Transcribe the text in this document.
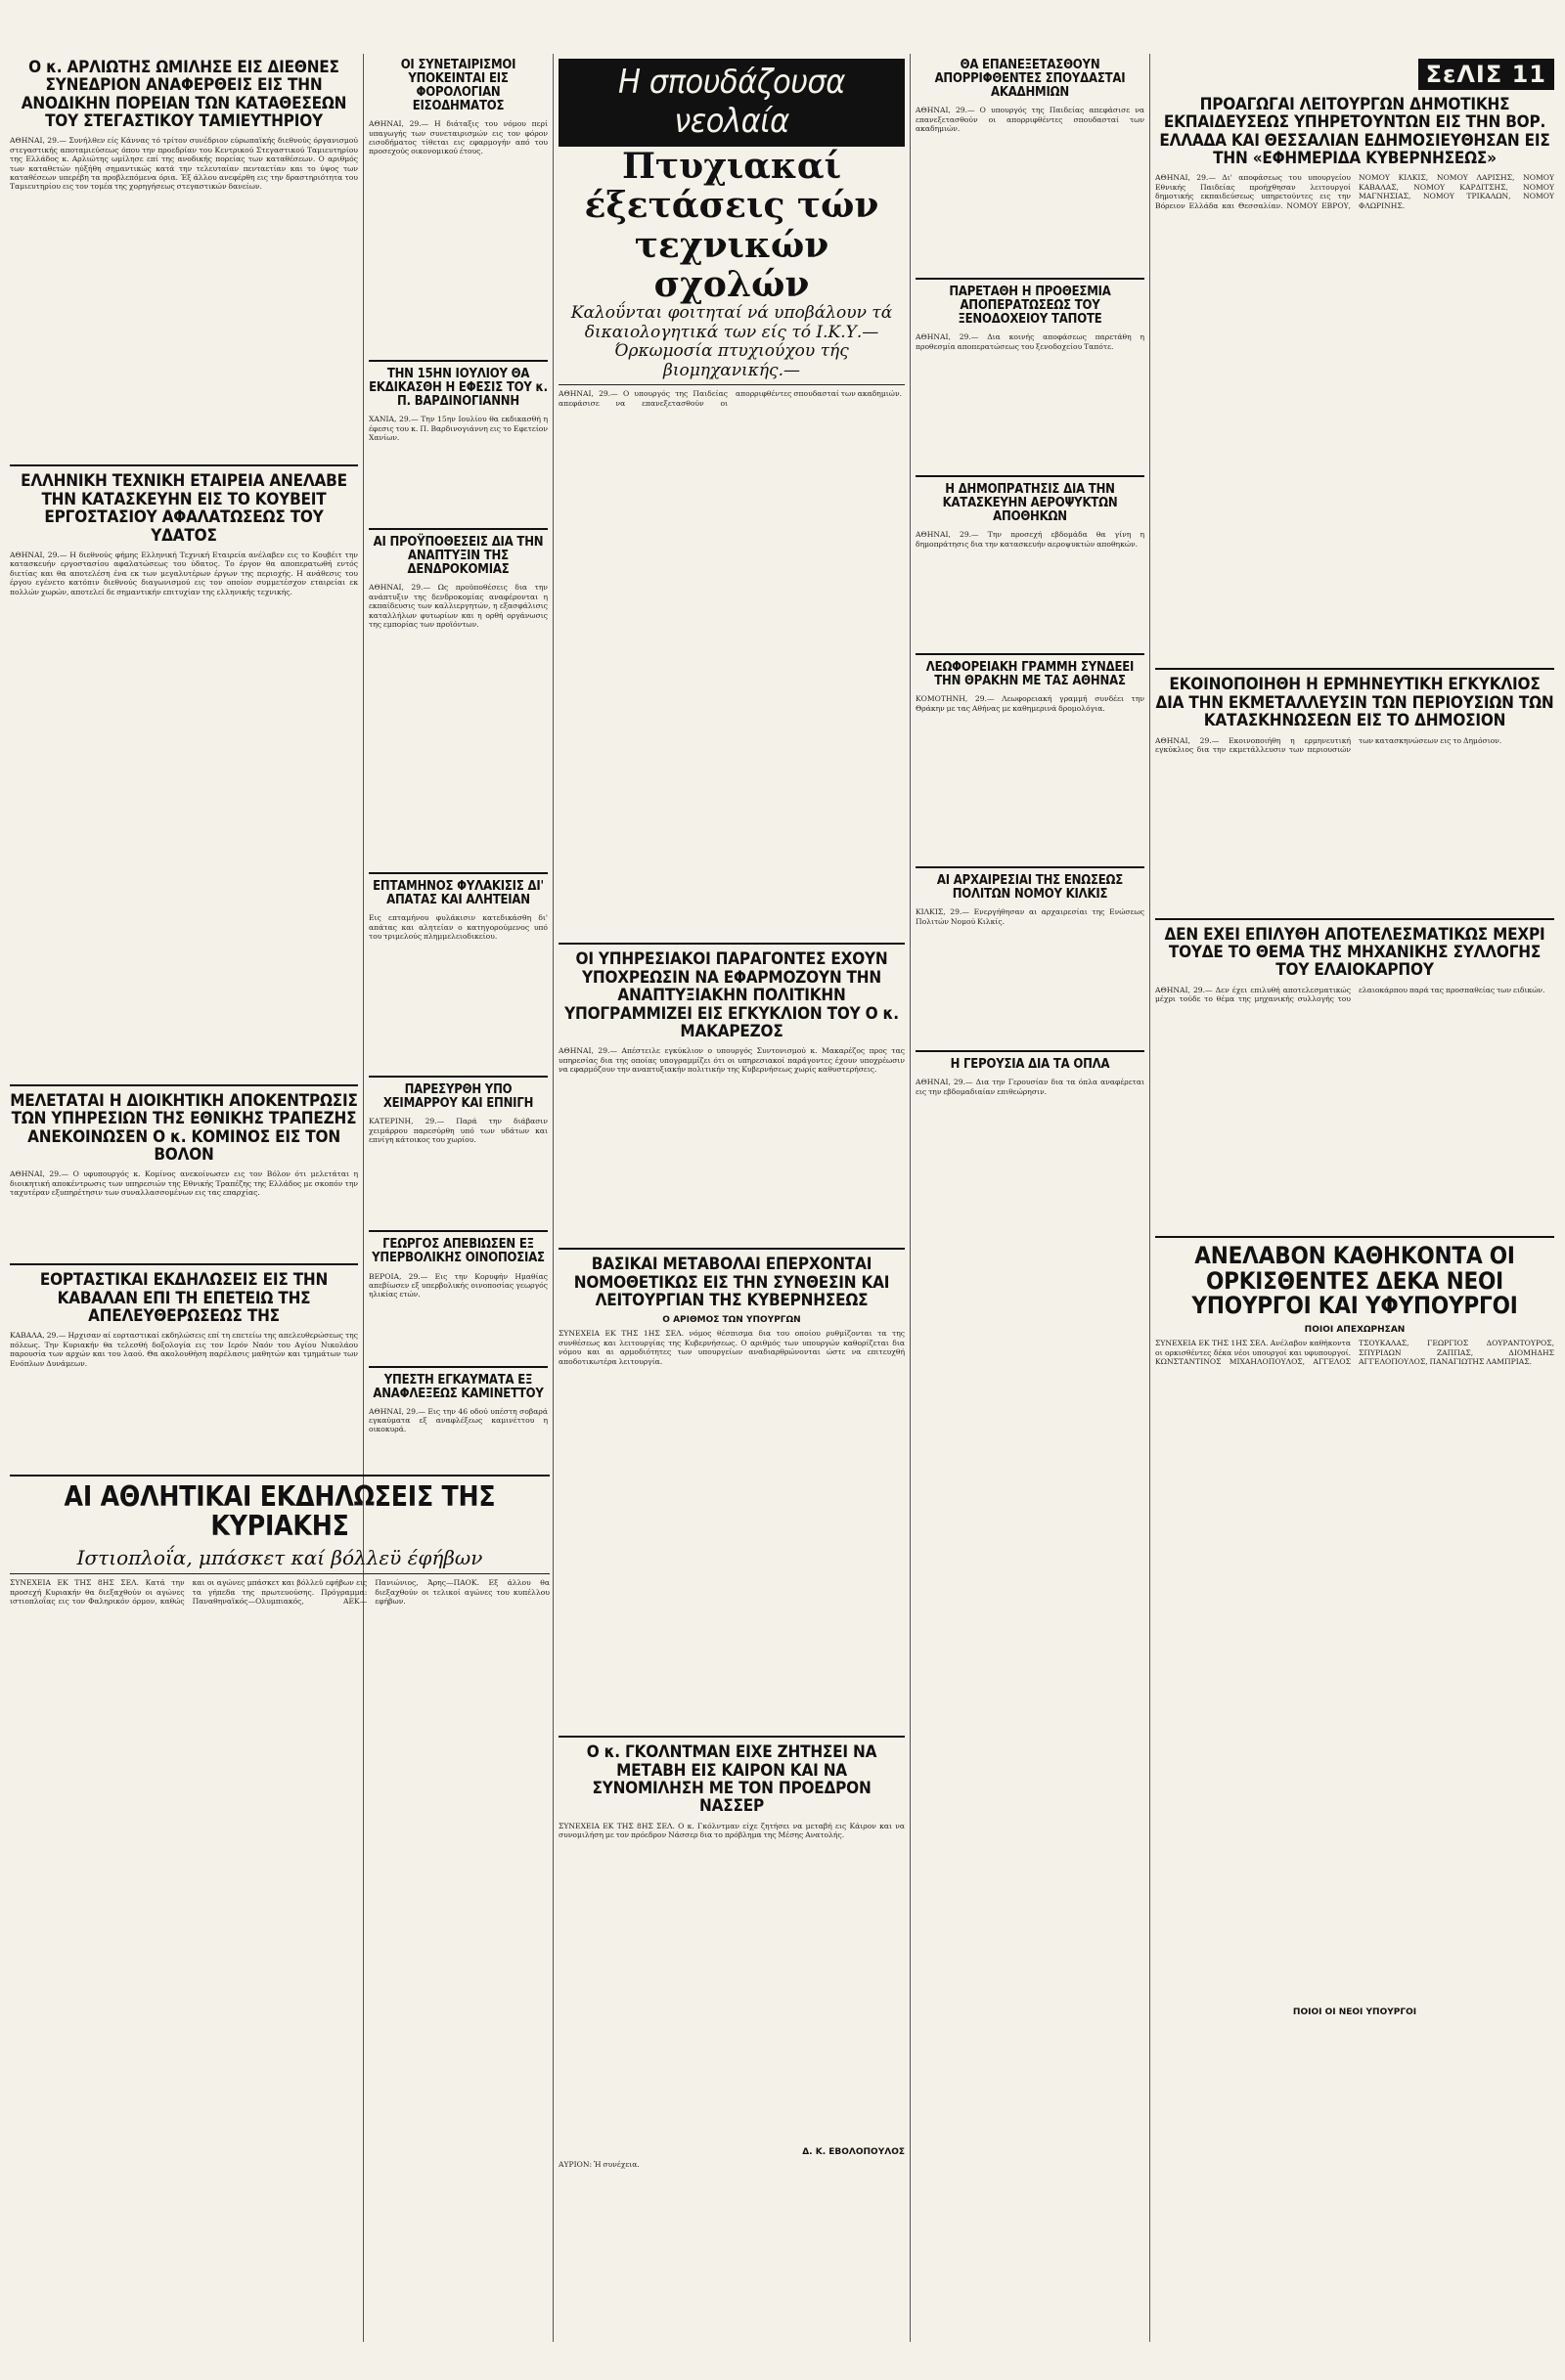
Ο κ. ΑΡΛΙΩΤΗΣ ΩΜΙΛΗΣΕ ΕΙΣ ΔΙΕΘΝΕΣ ΣΥΝΕΔΡΙΟΝ ΑΝΑΦΕΡΘΕΙΣ ΕΙΣ ΤΗΝ ΑΝΟΔΙΚΗΝ ΠΟΡΕΙΑΝ ΤΩΝ ΚΑΤΑΘΕΣΕΩΝ ΤΟΥ ΣΤΕΓΑΣΤΙΚΟΥ ΤΑΜΙΕΥΤΗΡΙΟΥ

ΑΘΗΝΑΙ, 29.— Συνήλθεν είς Κάννας τό τρίτον συνέδριον εύρωπαϊκής διεθνούς όργανισμού στεγαστικής αποταμιεύσεως όπου την προεδρίαν του Κεντρικού Στεγαστικού Ταμιευτηρίου της Ελλάδος κ. Αρλιώτης ωμίλησε επί της ανοδικής πορείας των καταθέσεων. Ο αριθμός των καταθετών ηύξήθη σημαντικώς κατά την τελευταίαν πενταετίαν και το ύψος των καταθέσεων υπερέβη τα προβλεπόμενα όρια. Έξ άλλου ανεφέρθη εις την δραστηριότητα του Ταμιευτηρίου εις τον τομέα της χορηγήσεως στεγαστικών δανείων.

ΕΛΛΗΝΙΚΗ ΤΕΧΝΙΚΗ ΕΤΑΙΡΕΙΑ ΑΝΕΛΑΒΕ ΤΗΝ ΚΑΤΑΣΚΕΥΗΝ ΕΙΣ ΤΟ ΚΟΥΒΕΙΤ ΕΡΓΟΣΤΑΣΙΟΥ ΑΦΑΛΑΤΩΣΕΩΣ ΤΟΥ ΥΔΑΤΟΣ

ΑΘΗΝΑΙ, 29.— Η διεθνούς φήμης Ελληνική Τεχνική Εταιρεία ανέλαβεν εις το Κουβέιτ την κατασκευήν εργοστασίου αφαλατώσεως του ύδατος. Το έργον θα αποπερατωθή εντός διετίας και θα αποτελέση ένα εκ των μεγαλυτέρων έργων της περιοχής. Η ανάθεσις του έργου εγένετο κατόπιν διεθνούς διαγωνισμού εις τον οποίον συμμετέσχον εταιρείαι εκ πολλών χωρών, αποτελεί δε σημαντικήν επιτυχίαν της ελληνικής τεχνικής.

ΜΕΛΕΤΑΤΑΙ Η ΔΙΟΙΚΗΤΙΚΗ ΑΠΟΚΕΝΤΡΩΣΙΣ ΤΩΝ ΥΠΗΡΕΣΙΩΝ ΤΗΣ ΕΘΝΙΚΗΣ ΤΡΑΠΕΖΗΣ ΑΝΕΚΟΙΝΩΣΕΝ Ο κ. ΚΟΜΙΝΟΣ ΕΙΣ ΤΟΝ ΒΟΛΟΝ

ΑΘΗΝΑΙ, 29.— Ο υφυπουργός κ. Κομίνος ανεκοίνωσεν εις τον Βόλον ότι μελετάται η διοικητική αποκέντρωσις των υπηρεσιών της Εθνικής Τραπέζης της Ελλάδος με σκοπόν την ταχυτέραν εξυπηρέτησιν των συναλλασσομένων εις τας επαρχίας.

ΕΟΡΤΑΣΤΙΚΑΙ ΕΚΔΗΛΩΣΕΙΣ ΕΙΣ ΤΗΝ ΚΑΒΑΛΑΝ ΕΠΙ ΤΗ ΕΠΕΤΕΙΩ ΤΗΣ ΑΠΕΛΕΥΘΕΡΩΣΕΩΣ ΤΗΣ

ΚΑΒΑΛΑ, 29.— Ηρχισαν αί εορταστικαί εκδηλώσεις επί τη επετείω της απελευθερώσεως της πόλεως. Την Κυριακήν θα τελεσθή δοξολογία εις τον Ιερόν Ναόν του Αγίου Νικολάου παρουσία των αρχών και του λαού. Θα ακολουθήση παρέλασις μαθητών και τμημάτων των Ενόπλων Δυνάμεων.

ΑΙ ΑΘΛΗΤΙΚΑΙ ΕΚΔΗΛΩΣΕΙΣ ΤΗΣ ΚΥΡΙΑΚΗΣ
Ιστιοπλοΐα, μπάσκετ καί βόλλεϋ έφήβων

ΣΥΝΕΧΕΙΑ ΕΚ ΤΗΣ 8ΗΣ ΣΕΛ. Κατά την προσεχή Κυριακήν θα διεξαχθούν οι αγώνες ιστιοπλοΐας εις τον Φαληρικόν όρμον, καθώς και οι αγώνες μπάσκετ και βόλλεϋ εφήβων εις τα γήπεδα της πρωτευούσης. Πρόγραμμα: Παναθηναϊκός—Ολυμπιακός, ΑΕΚ—Πανιώνιος, Άρης—ΠΑΟΚ. Εξ άλλου θα διεξαχθούν οι τελικοί αγώνες του κυπέλλου εφήβων.

ΟΙ ΣΥΝΕΤΑΙΡΙΣΜΟΙ ΥΠΟΚΕΙΝΤΑΙ ΕΙΣ ΦΟΡΟΛΟΓΙΑΝ ΕΙΣΟΔΗΜΑΤΟΣ

ΑΘΗΝΑΙ, 29.— Η διάταξις του νόμου περί υπαγωγής των συνεταιρισμών εις τον φόρον εισοδήματος τίθεται εις εφαρμογήν από του προσεχούς οικονομικού έτους.

ΤΗΝ 15ΗΝ ΙΟΥΛΙΟΥ ΘΑ ΕΚΔΙΚΑΣΘΗ Η ΕΦΕΣΙΣ ΤΟΥ κ. Π. ΒΑΡΔΙΝΟΓΙΑΝΝΗ

ΧΑΝΙΑ, 29.— Την 15ην Ιουλίου θα εκδικασθή η έφεσις του κ. Π. Βαρδινογιάννη εις το Εφετείον Χανίων.

ΑΙ ΠΡΟΫΠΟΘΕΣΕΙΣ ΔΙΑ ΤΗΝ ΑΝΑΠΤΥΞΙΝ ΤΗΣ ΔΕΝΔΡΟΚΟΜΙΑΣ

ΑΘΗΝΑΙ, 29.— Ως προϋποθέσεις δια την ανάπτυξιν της δενδροκομίας αναφέρονται η εκπαίδευσις των καλλιεργητών, η εξασφάλισις καταλλήλων φυτωρίων και η ορθή οργάνωσις της εμπορίας των προϊόντων.

ΕΠΤΑΜΗΝΟΣ ΦΥΛΑΚΙΣΙΣ ΔΙ' ΑΠΑΤΑΣ ΚΑΙ ΑΛΗΤΕΙΑΝ

Εις επταμήνου φυλάκισιν κατεδικάσθη δι' απάτας και αλητείαν ο κατηγορούμενος υπό του τριμελούς πλημμελειοδικείου.

ΠΑΡΕΣΥΡΘΗ ΥΠΟ ΧΕΙΜΑΡΡΟΥ ΚΑΙ ΕΠΝΙΓΗ

ΚΑΤΕΡΙΝΗ, 29.— Παρά την διάβασιν χειμάρρου παρεσύρθη υπό των υδάτων και επνίγη κάτοικος του χωρίου.

ΓΕΩΡΓΟΣ ΑΠΕΒΙΩΣΕΝ ΕΞ ΥΠΕΡΒΟΛΙΚΗΣ ΟΙΝΟΠΟΣΙΑΣ

ΒΕΡΟΙΑ, 29.— Εις την Κορυφήν Ημαθίας απεβίωσεν εξ υπερβολικής οινοποσίας γεωργός ηλικίας ετών.

ΥΠΕΣΤΗ ΕΓΚΑΥΜΑΤΑ ΕΞ ΑΝΑΦΛΕΞΕΩΣ ΚΑΜΙΝΕΤΤΟΥ

ΑΘΗΝΑΙ, 29.— Εις την 46 οδού υπέστη σοβαρά εγκαύματα εξ αναφλέξεως καμινέττου η οικοκυρά.

Η σπουδάζουσα νεολαία
Πτυχιακαί έξετάσεις τών τεχνικών σχολών
Καλοΰνται φοιτηταί νά υποβάλουν τά δικαιολογητικά των είς τό Ι.Κ.Υ.—Όρκωμοσία πτυχιούχου τής βιομηχανικής.—

ΑΘΗΝΑΙ, 29.— Ο υπουργός της Παιδείας απεφάσισε να επανεξετασθούν οι απορριφθέντες σπουδασταί των ακαδημιών.

ΟΙ ΥΠΗΡΕΣΙΑΚΟΙ ΠΑΡΑΓΟΝΤΕΣ ΕΧΟΥΝ ΥΠΟΧΡΕΩΣΙΝ ΝΑ ΕΦΑΡΜΟΖΟΥΝ ΤΗΝ ΑΝΑΠΤΥΞΙΑΚΗΝ ΠΟΛΙΤΙΚΗΝ ΥΠΟΓΡΑΜΜΙΖΕΙ ΕΙΣ ΕΓΚΥΚΛΙΟΝ ΤΟΥ Ο κ. ΜΑΚΑΡΕΖΟΣ

ΑΘΗΝΑΙ, 29.— Απέστειλε εγκύκλιον ο υπουργός Συντονισμού κ. Μακαρέζος προς τας υπηρεσίας δια της οποίας υπογραμμίζει ότι οι υπηρεσιακοί παράγοντες έχουν υποχρέωσιν να εφαρμόζουν την αναπτυξιακήν πολιτικήν της Κυβερνήσεως χωρίς καθυστερήσεις.

ΒΑΣΙΚΑΙ ΜΕΤΑΒΟΛΑΙ ΕΠΕΡΧΟΝΤΑΙ ΝΟΜΟΘΕΤΙΚΩΣ ΕΙΣ ΤΗΝ ΣΥΝΘΕΣΙΝ ΚΑΙ ΛΕΙΤΟΥΡΓΙΑΝ ΤΗΣ ΚΥΒΕΡΝΗΣΕΩΣ
Ο ΑΡΙΘΜΟΣ ΤΩΝ ΥΠΟΥΡΓΩΝ

ΣΥΝΕΧΕΙΑ ΕΚ ΤΗΣ 1ΗΣ ΣΕΛ. νόμος θέσπισμα δια του οποίου ρυθμίζονται τα της συνθέσεως και λειτουργίας της Κυβερνήσεως. Ο αριθμός των υπουργών καθορίζεται δια νόμου και αι αρμοδιότητες των υπουργείων αναδιαρθρώνονται ώστε να επιτευχθή αποδοτικωτέρα λειτουργία.

Ο κ. ΓΚΟΛΝΤΜΑΝ ΕΙΧΕ ΖΗΤΗΣΕΙ ΝΑ ΜΕΤΑΒΗ ΕΙΣ ΚΑΙΡΟΝ ΚΑΙ ΝΑ ΣΥΝΟΜΙΛΗΣΗ ΜΕ ΤΟΝ ΠΡΟΕΔΡΟΝ ΝΑΣΣΕΡ

ΣΥΝΕΧΕΙΑ ΕΚ ΤΗΣ 8ΗΣ ΣΕΛ. Ο κ. Γκόλντμαν είχε ζητήσει να μεταβή εις Κάιρον και να συνομιλήση με τον πρόεδρον Νάσσερ δια το πρόβλημα της Μέσης Ανατολής.

Δ. Κ. ΕΒΟΛΟΠΟΥΛΟΣ
ΑΥΡΙΟΝ: Ἡ συνέχεια.
ΘΑ ΕΠΑΝΕΞΕΤΑΣΘΟΥΝ ΑΠΟΡΡΙΦΘΕΝΤΕΣ ΣΠΟΥΔΑΣΤΑΙ ΑΚΑΔΗΜΙΩΝ

ΑΘΗΝΑΙ, 29.— Ο υπουργός της Παιδείας απεφάσισε να επανεξετασθούν οι απορριφθέντες σπουδασταί των ακαδημιών.

ΠΑΡΕΤΑΘΗ Η ΠΡΟΘΕΣΜΙΑ ΑΠΟΠΕΡΑΤΩΣΕΩΣ ΤΟΥ ΞΕΝΟΔΟΧΕΙΟΥ ΤΑΠΟΤΕ

ΑΘΗΝΑΙ, 29.— Δια κοινής αποφάσεως παρετάθη η προθεσμία αποπερατώσεως του ξενοδοχείου Ταπότε.

Η ΔΗΜΟΠΡΑΤΗΣΙΣ ΔΙΑ ΤΗΝ ΚΑΤΑΣΚΕΥΗΝ ΑΕΡΟΨΥΚΤΩΝ ΑΠΟΘΗΚΩΝ

ΑΘΗΝΑΙ, 29.— Την προσεχή εβδομάδα θα γίνη η δημοπράτησις δια την κατασκευήν αεροψυκτών αποθηκών.

ΛΕΩΦΟΡΕΙΑΚΗ ΓΡΑΜΜΗ ΣΥΝΔΕΕΙ ΤΗΝ ΘΡΑΚΗΝ ΜΕ ΤΑΣ ΑΘΗΝΑΣ

ΚΟΜΟΤΗΝΗ, 29.— Λεωφορειακή γραμμή συνδέει την Θράκην με τας Αθήνας με καθημερινά δρομολόγια.

ΑΙ ΑΡΧΑΙΡΕΣΙΑΙ ΤΗΣ ΕΝΩΣΕΩΣ ΠΟΛΙΤΩΝ ΝΟΜΟΥ ΚΙΛΚΙΣ

ΚΙΛΚΙΣ, 29.— Ενεργήθησαν αι αρχαιρεσίαι της Ενώσεως Πολιτών Νομού Κιλκίς.

Η ΓΕΡΟΥΣΙΑ ΔΙΑ ΤΑ ΟΠΛΑ

ΑΘΗΝΑΙ, 29.— Δια την Γερουσίαν δια τα όπλα αναφέρεται εις την εβδομαδιαίαν επιθεώρησιν.

ΣεΛΙΣ 11
ΠΡΟΑΓΩΓΑΙ ΛΕΙΤΟΥΡΓΩΝ ΔΗΜΟΤΙΚΗΣ ΕΚΠΑΙΔΕΥΣΕΩΣ ΥΠΗΡΕΤΟΥΝΤΩΝ ΕΙΣ ΤΗΝ ΒΟΡ. ΕΛΛΑΔΑ ΚΑΙ ΘΕΣΣΑΛΙΑΝ ΕΔΗΜΟΣΙΕΥΘΗΣΑΝ ΕΙΣ ΤΗΝ «ΕΦΗΜΕΡΙΔΑ ΚΥΒΕΡΝΗΣΕΩΣ»

ΑΘΗΝΑΙ, 29.— Δι' αποφάσεως του υπουργείου Εθνικής Παιδείας προήχθησαν λειτουργοί δημοτικής εκπαιδεύσεως υπηρετούντες εις την Βόρειον Ελλάδα και Θεσσαλίαν. ΝΟΜΟΥ ΕΒΡΟΥ, ΝΟΜΟΥ ΚΙΛΚΙΣ, ΝΟΜΟΥ ΛΑΡΙΣΗΣ, ΝΟΜΟΥ ΚΑΒΑΛΑΣ, ΝΟΜΟΥ ΚΑΡΔΙΤΣΗΣ, ΝΟΜΟΥ ΜΑΓΝΗΣΙΑΣ, ΝΟΜΟΥ ΤΡΙΚΑΛΩΝ, ΝΟΜΟΥ ΦΛΩΡΙΝΗΣ.

ΕΚΟΙΝΟΠΟΙΗΘΗ Η ΕΡΜΗΝΕΥΤΙΚΗ ΕΓΚΥΚΛΙΟΣ ΔΙΑ ΤΗΝ ΕΚΜΕΤΑΛΛΕΥΣΙΝ ΤΩΝ ΠΕΡΙΟΥΣΙΩΝ ΤΩΝ ΚΑΤΑΣΚΗΝΩΣΕΩΝ ΕΙΣ ΤΟ ΔΗΜΟΣΙΟΝ

ΑΘΗΝΑΙ, 29.— Εκοινοποιήθη η ερμηνευτική εγκύκλιος δια την εκμετάλλευσιν των περιουσιών των κατασκηνώσεων εις το Δημόσιον.

ΔΕΝ ΕΧΕΙ ΕΠΙΛΥΘΗ ΑΠΟΤΕΛΕΣΜΑΤΙΚΩΣ ΜΕΧΡΙ ΤΟΥΔΕ ΤΟ ΘΕΜΑ ΤΗΣ ΜΗΧΑΝΙΚΗΣ ΣΥΛΛΟΓΗΣ ΤΟΥ ΕΛΑΙΟΚΑΡΠΟΥ

ΑΘΗΝΑΙ, 29.— Δεν έχει επιλυθή αποτελεσματικώς μέχρι τούδε το θέμα της μηχανικής συλλογής του ελαιοκάρπου παρά τας προσπαθείας των ειδικών.

ΑΝΕΛΑΒΟΝ ΚΑΘΗΚΟΝΤΑ ΟΙ ΟΡΚΙΣΘΕΝΤΕΣ ΔΕΚΑ ΝΕΟΙ ΥΠΟΥΡΓΟΙ ΚΑΙ ΥΦΥΠΟΥΡΓΟΙ
ΠΟΙΟΙ ΑΠΕΧΩΡΗΣΑΝ

ΣΥΝΕΧΕΙΑ ΕΚ ΤΗΣ 1ΗΣ ΣΕΛ. Ανέλαβον καθήκοντα οι ορκισθέντες δέκα νέοι υπουργοί και υφυπουργοί. ΚΩΝΣΤΑΝΤΙΝΟΣ ΜΙΧΑΗΛΟΠΟΥΛΟΣ, ΑΓΓΕΛΟΣ ΤΣΟΥΚΑΛΑΣ, ΓΕΩΡΓΙΟΣ ΔΟΥΡΑΝΤΟΥΡΟΣ, ΣΠΥΡΙΔΩΝ ΖΑΠΠΑΣ, ΔΙΟΜΗΔΗΣ ΑΓΓΕΛΟΠΟΥΛΟΣ, ΠΑΝΑΓΙΩΤΗΣ ΛΑΜΠΡΙΑΣ.

ΠΟΙΟΙ ΟΙ ΝΕΟΙ ΥΠΟΥΡΓΟΙ
